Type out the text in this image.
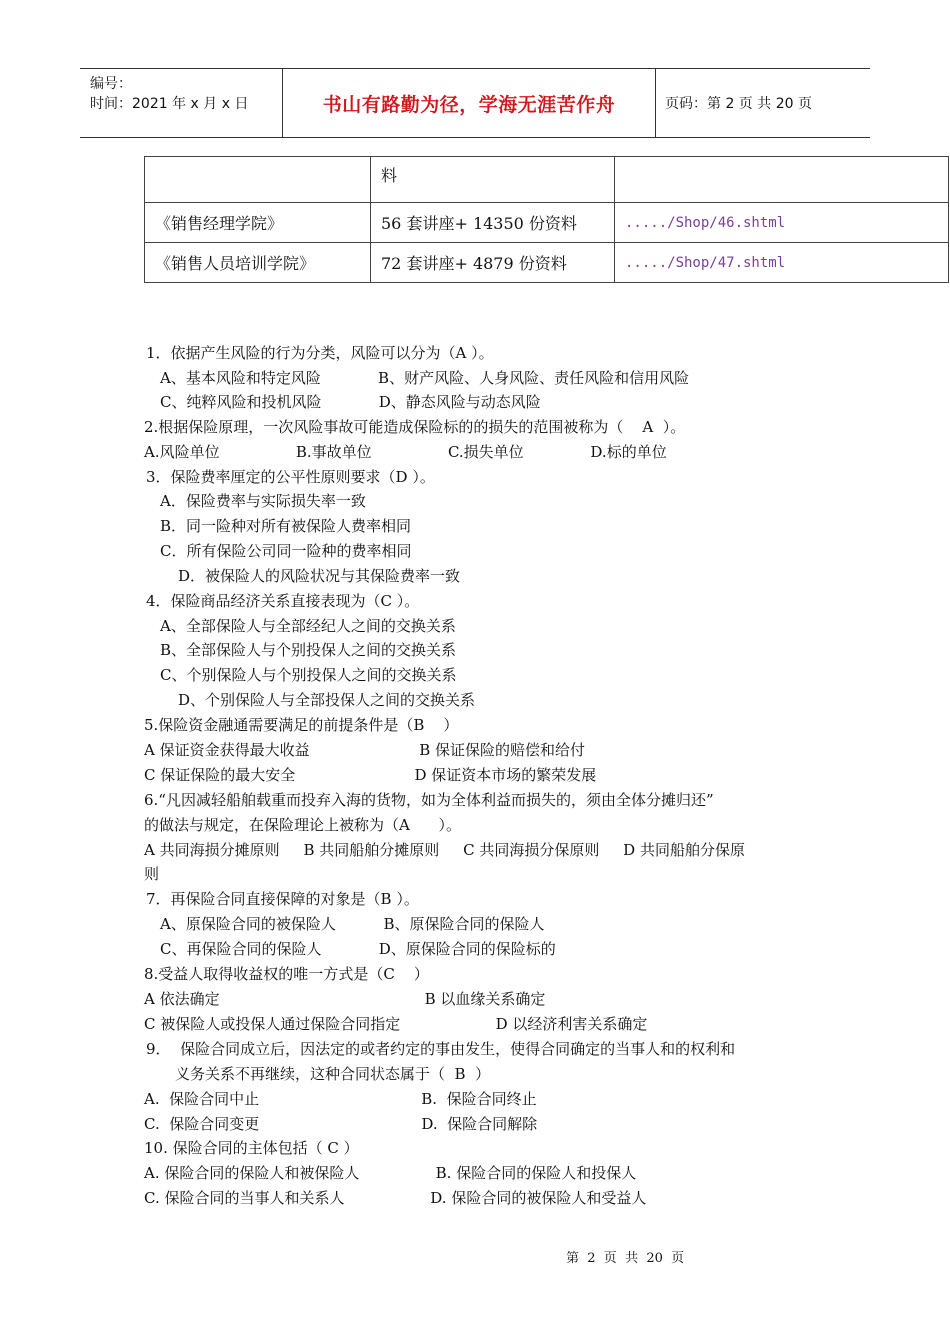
编号：
时间：2021 年 x 月 x 日	书山有路勤为径，学海无涯苦作舟	页码：第 2 页 共 20 页
	料	
《销售经理学院》	56 套讲座+ 14350 份资料	...../Shop/46.shtml
《销售人员培训学院》	72 套讲座+ 4879 份资料	...../Shop/47.shtml
1．依据产生风险的行为分类，风险可以分为（A ）。
A、基本风险和特定风险            B、财产风险、人身风险、责任风险和信用风险
C、纯粹风险和投机风险            D、静态风险与动态风险
2.根据保险原理，一次风险事故可能造成保险标的的损失的范围被称为（    A  ）。
A.风险单位                B.事故单位                C.损失单位              D.标的单位
3．保险费率厘定的公平性原则要求（D ）。
A．保险费率与实际损失率一致
B．同一险种对所有被保险人费率相同
C．所有保险公司同一险种的费率相同
D．被保险人的风险状况与其保险费率一致
4．保险商品经济关系直接表现为（C ）。
A、全部保险人与全部经纪人之间的交换关系
B、全部保险人与个别投保人之间的交换关系
C、个别保险人与个别投保人之间的交换关系
D、个别保险人与全部投保人之间的交换关系
5.保险资金融通需要满足的前提条件是（B    ）
A 保证资金获得最大收益                       B 保证保险的赔偿和给付
C 保证保险的最大安全                         D 保证资本市场的繁荣发展
6.“凡因减轻船舶载重而投弃入海的货物，如为全体利益而损失的，须由全体分摊归还”
的做法与规定，在保险理论上被称为（A      ）。
A 共同海损分摊原则     B 共同船舶分摊原则     C 共同海损分保原则     D 共同船舶分保原
则
7．再保险合同直接保障的对象是（B ）。
A、原保险合同的被保险人          B、原保险合同的保险人
C、再保险合同的保险人            D、原保险合同的保险标的
8.受益人取得收益权的唯一方式是（C    ）
A 依法确定                                           B 以血缘关系确定
C 被保险人或投保人通过保险合同指定                    D 以经济利害关系确定
9．  保险合同成立后，因法定的或者约定的事由发生，使得合同确定的当事人和的权利和
义务关系不再继续，这种合同状态属于（  B  ）
A.  保险合同中止                                  B.  保险合同终止
C.  保险合同变更                                  D.  保险合同解除
10. 保险合同的主体包括（ C ）
A. 保险合同的保险人和被保险人                B. 保险合同的保险人和投保人
C. 保险合同的当事人和关系人                  D. 保险合同的被保险人和受益人
第  2  页  共  20  页
